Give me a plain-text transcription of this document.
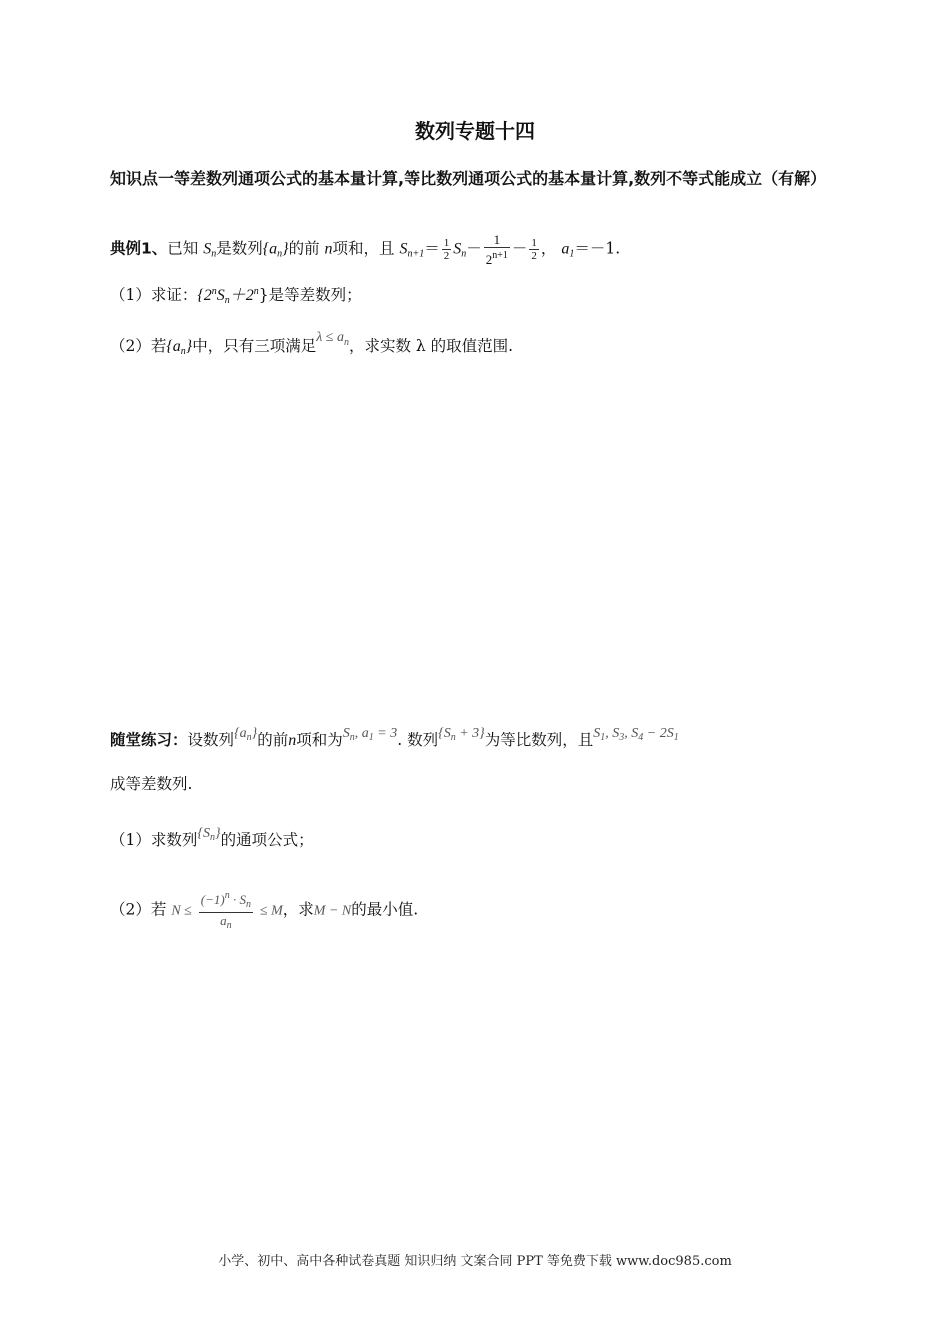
数列专题十四
知识点一等差数列通项公式的基本量计算,等比数列通项公式的基本量计算,数列不等式能成立（有解）
典例1、已知 $S_n$是数列$\{a_n\}$的前 n项和，且 $S_{n+1}= \frac{1}{2} S_n- \frac{1}{2^{n+1}} - \frac{1}{2}$ ， $a_1=-1$.
（1）求证：$\{2^nS_n+2^n\}$是等差数列；
（2）若$\{a_n\}$中，只有三项满足$\lambda \le a^n$，求实数 λ 的取值范围.
随堂练习：设数列$\{a^n\}$的前n项和为$S^n$, $a^1 = 3$. 数列$\{S^n + 3\}$为等比数列，且$S^1$, $S^3$, $S^4 - 2S^1$
成等差数列.
（1）求数列$\{S^n\}$的通项公式；
（2）若 $N \le \frac{(-1)^n \cdot S_n}{a_n} \le M$，求M − N的最小值.
小学、初中、高中各种试卷真题 知识归纳 文案合同 PPT 等免费下载 www.doc985.com
